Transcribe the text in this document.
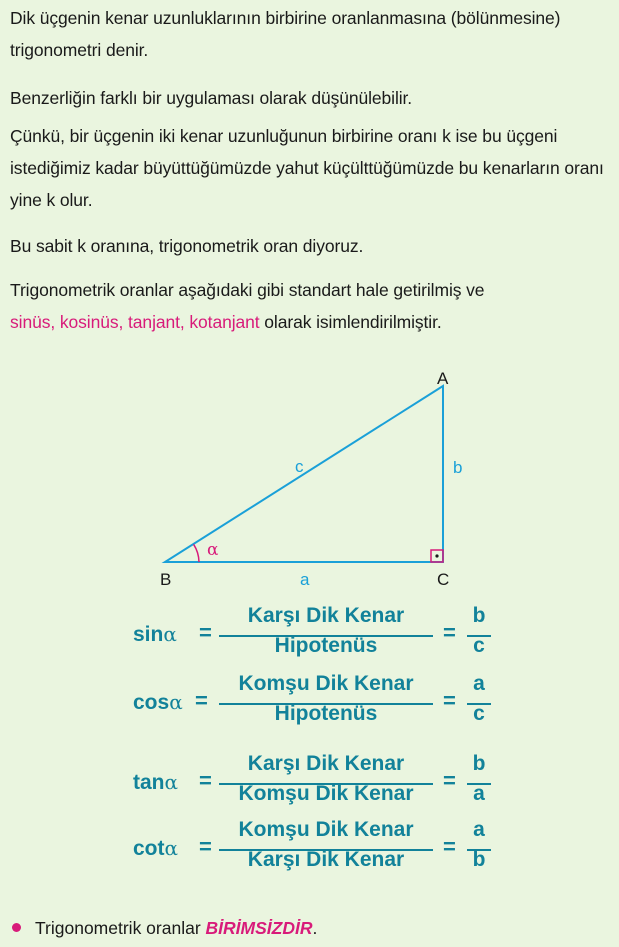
Dik üçgenin kenar uzunluklarının birbirine oranlanmasına (bölünmesine) trigonometri denir.

Benzerliğin farklı bir uygulaması olarak düşünülebilir.

Çünkü, bir üçgenin iki kenar uzunluğunun birbirine oranı k ise bu üçgeni istediğimiz kadar büyüttüğümüzde yahut küçülttüğümüzde bu kenarların oranı yine k olur.

Bu sabit k oranına, trigonometrik oran diyoruz.

Trigonometrik oranlar aşağıdaki gibi standart hale getirilmiş ve
sinüs, kosinüs, tanjant, kotanjant olarak isimlendirilmiştir.

α
A
B	C
a
b
c
sinα =
Karşı Dik Kenar
Hipotenüs
=
b
c
cosα =
Komşu Dik Kenar
Hipotenüs
=
a
c
tanα =
Karşı Dik Kenar
Komşu Dik Kenar
=
b
a
cotα =
Komşu Dik Kenar
Karşı Dik Kenar
=
a
b
Trigonometrik oranlar BİRİMSİZDİR.
